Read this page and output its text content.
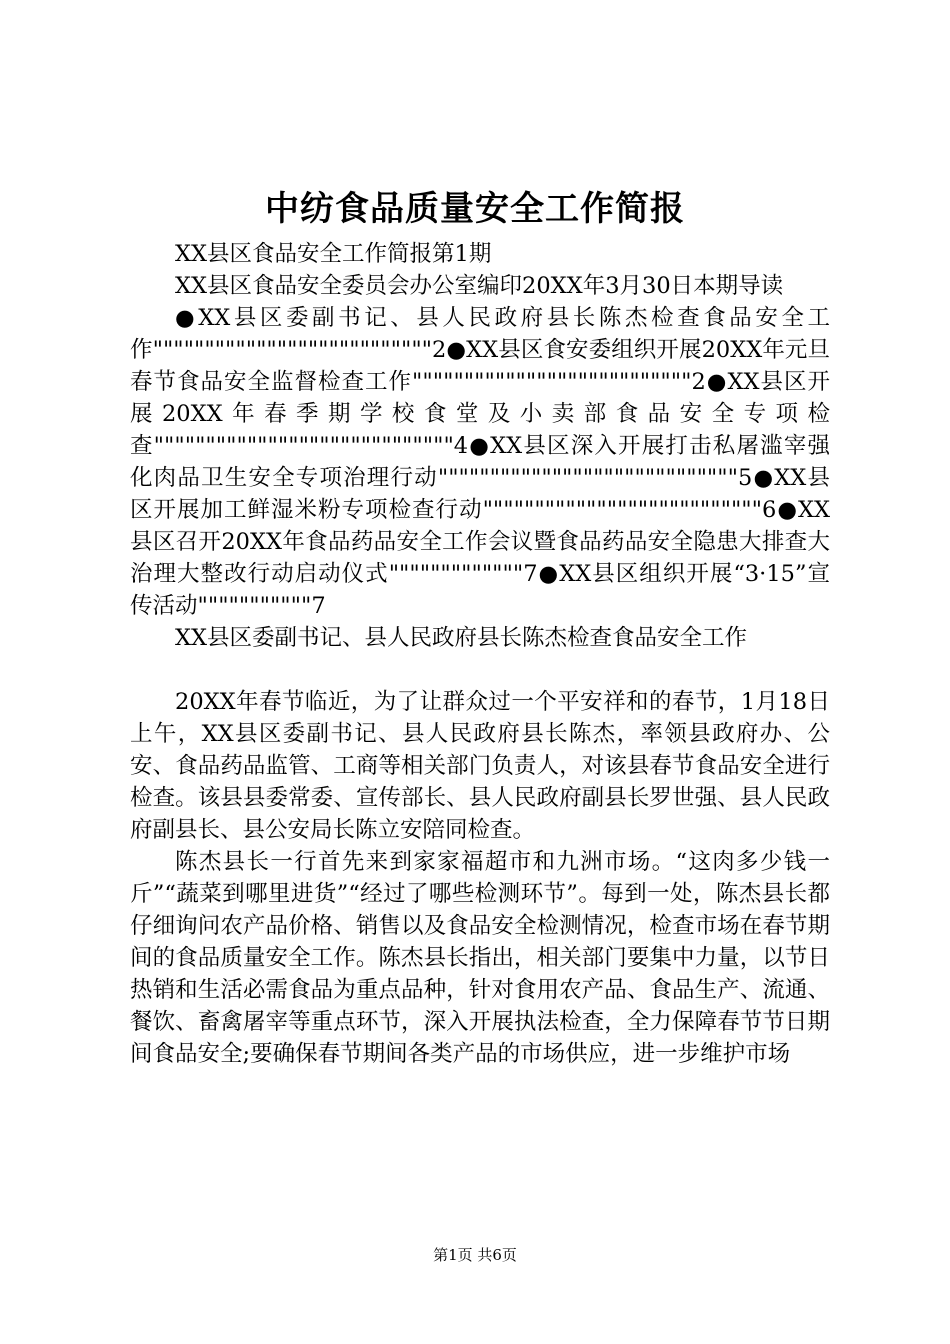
中纺食品质量安全工作简报

XX县区食品安全工作简报第1期

XX县区食品安全委员会办公室编印20XX年3月30日本期导读

●XX县区委副书记、县人民政府县长陈杰检查食品安全工作"""""""""""""""""""""""""""2●XX县区食安委组织开展20XX年元旦春节食品安全监督检查工作"""""""""""""""""""""""""""2●XX县区开展20XX年春季期学校食堂及小卖部食品安全专项检查"""""""""""""""""""""""""""""4●XX县区深入开展打击私屠滥宰强化肉品卫生安全专项治理行动"""""""""""""""""""""""""""""5●XX县区开展加工鲜湿米粉专项检查行动"""""""""""""""""""""""""""6●XX县区召开20XX年食品药品安全工作会议暨食品药品安全隐患大排查大治理大整改行动启动仪式"""""""""""""7●XX县区组织开展“3·15”宣传活动"""""""""""7

XX县区委副书记、县人民政府县长陈杰检查食品安全工作

20XX年春节临近，为了让群众过一个平安祥和的春节，1月18日上午，XX县区委副书记、县人民政府县长陈杰，率领县政府办、公安、食品药品监管、工商等相关部门负责人，对该县春节食品安全进行检查。该县县委常委、宣传部长、县人民政府副县长罗世强、县人民政府副县长、县公安局长陈立安陪同检查。

陈杰县长一行首先来到家家福超市和九洲市场。“这肉多少钱一斤”“蔬菜到哪里进货”“经过了哪些检测环节”。每到一处，陈杰县长都仔细询问农产品价格、销售以及食品安全检测情况，检查市场在春节期间的食品质量安全工作。陈杰县长指出，相关部门要集中力量，以节日热销和生活必需食品为重点品种，针对食用农产品、食品生产、流通、餐饮、畜禽屠宰等重点环节，深入开展执法检查，全力保障春节节日期间食品安全;要确保春节期间各类产品的市场供应，进一步维护市场

第1页 共6页
